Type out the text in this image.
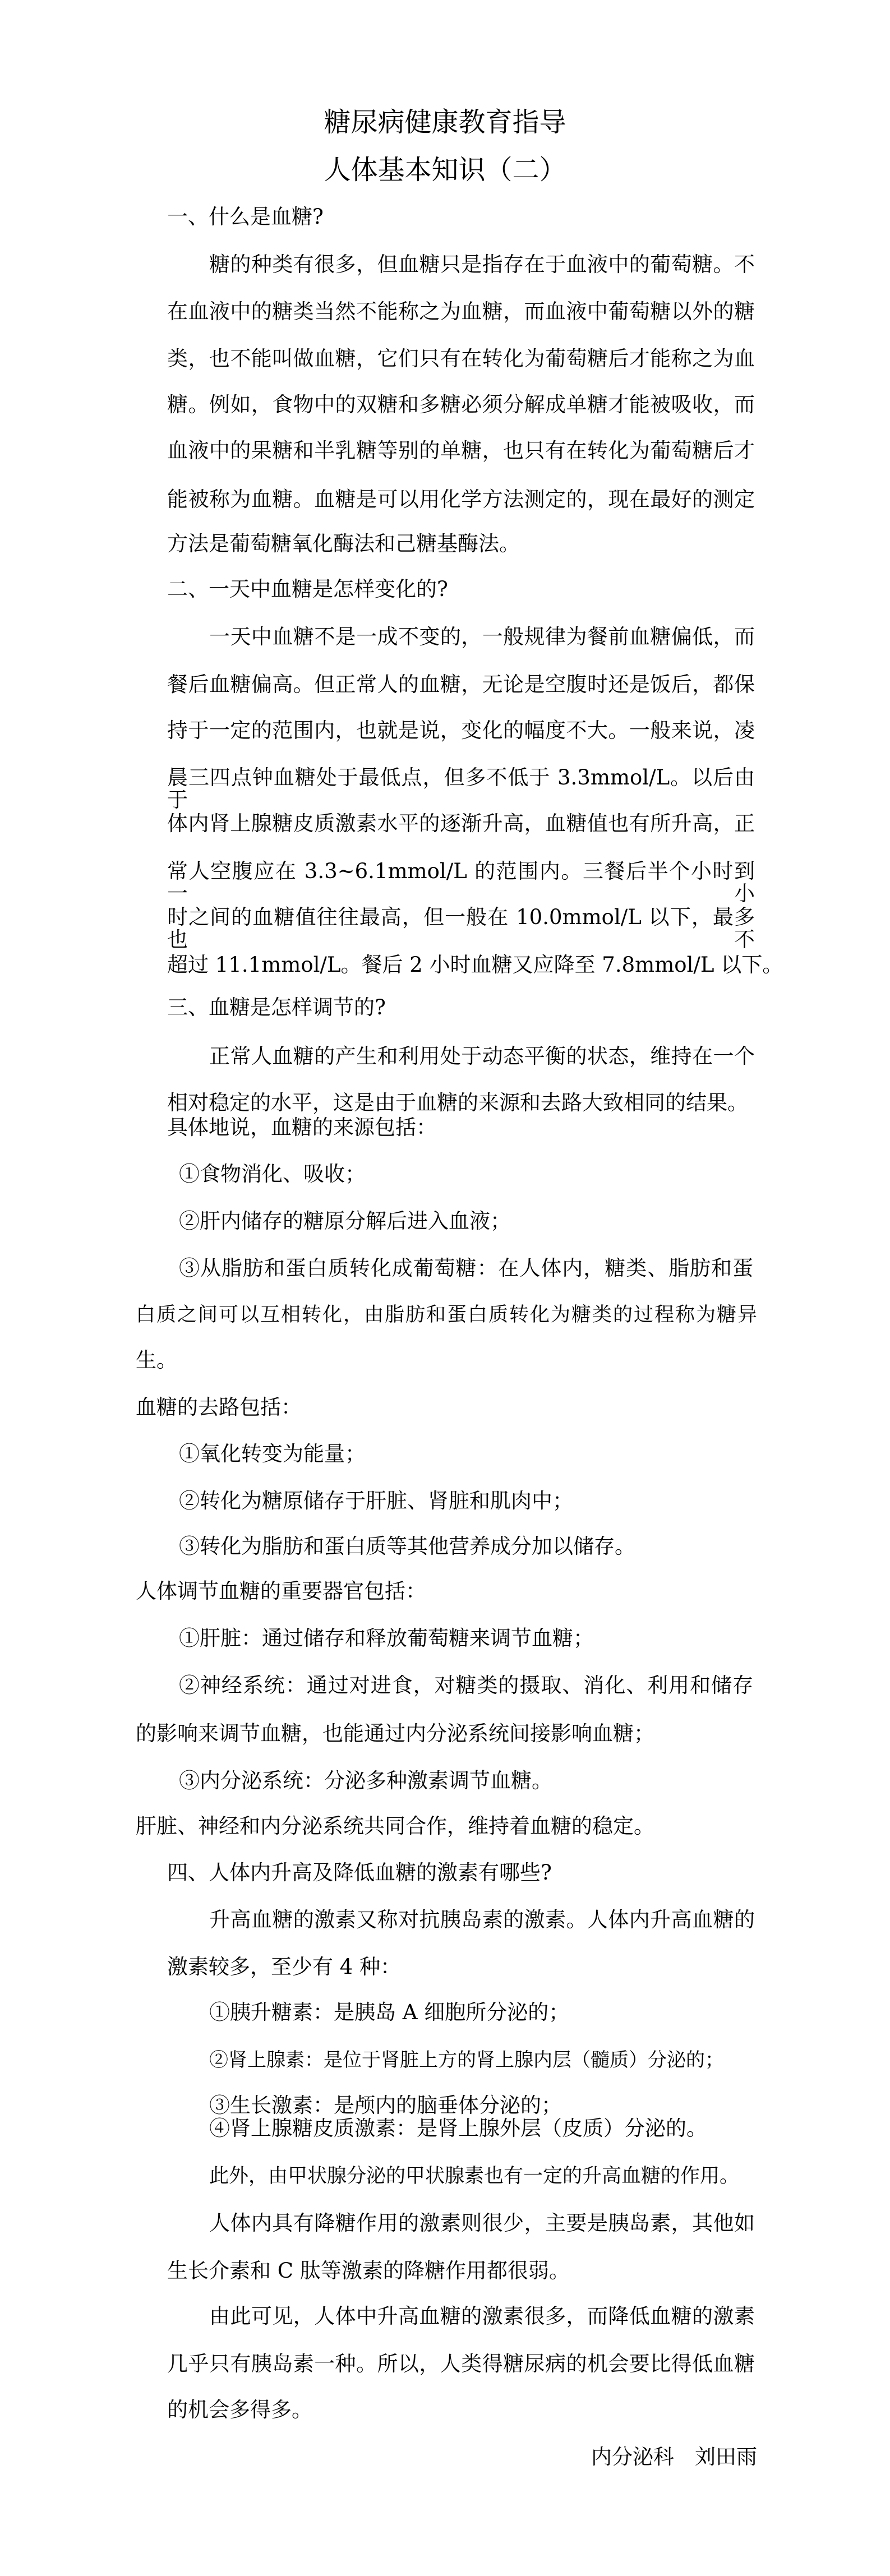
糖尿病健康教育指导
人体基本知识（二）
一、什么是血糖?
糖的种类有很多，但血糖只是指存在于血液中的葡萄糖。不
在血液中的糖类当然不能称之为血糖，而血液中葡萄糖以外的糖
类，也不能叫做血糖，它们只有在转化为葡萄糖后才能称之为血
糖。例如，食物中的双糖和多糖必须分解成单糖才能被吸收，而
血液中的果糖和半乳糖等别的单糖，也只有在转化为葡萄糖后才
能被称为血糖。血糖是可以用化学方法测定的，现在最好的测定
方法是葡萄糖氧化酶法和己糖基酶法。
二、一天中血糖是怎样变化的?
一天中血糖不是一成不变的，一般规律为餐前血糖偏低，而
餐后血糖偏高。但正常人的血糖，无论是空腹时还是饭后，都保
持于一定的范围内，也就是说，变化的幅度不大。一般来说，凌
晨三四点钟血糖处于最低点，但多不低于 3.3mmol/L。以后由于
体内肾上腺糖皮质激素水平的逐渐升高，血糖值也有所升高，正
常人空腹应在 3.3~6.1mmol/L 的范围内。三餐后半个小时到一小
时之间的血糖值往往最高，但一般在 10.0mmol/L 以下，最多也不
超过 11.1mmol/L。餐后 2 小时血糖又应降至 7.8mmol/L 以下。
三、血糖是怎样调节的?
正常人血糖的产生和利用处于动态平衡的状态，维持在一个
相对稳定的水平，这是由于血糖的来源和去路大致相同的结果。
具体地说，血糖的来源包括：
①食物消化、吸收；
②肝内储存的糖原分解后进入血液；
③从脂肪和蛋白质转化成葡萄糖：在人体内，糖类、脂肪和蛋
白质之间可以互相转化，由脂肪和蛋白质转化为糖类的过程称为糖异
生。
血糖的去路包括：
①氧化转变为能量；
②转化为糖原储存于肝脏、肾脏和肌肉中；
③转化为脂肪和蛋白质等其他营养成分加以储存。
人体调节血糖的重要器官包括：
①肝脏：通过储存和释放葡萄糖来调节血糖；
②神经系统：通过对进食，对糖类的摄取、消化、利用和储存
的影响来调节血糖，也能通过内分泌系统间接影响血糖；
③内分泌系统：分泌多种激素调节血糖。
肝脏、神经和内分泌系统共同合作，维持着血糖的稳定。
四、人体内升高及降低血糖的激素有哪些?
升高血糖的激素又称对抗胰岛素的激素。人体内升高血糖的
激素较多，至少有 4 种：
①胰升糖素：是胰岛 A 细胞所分泌的；
②肾上腺素：是位于肾脏上方的肾上腺内层（髓质）分泌的；
③生长激素：是颅内的脑垂体分泌的；
④肾上腺糖皮质激素：是肾上腺外层（皮质）分泌的。
此外，由甲状腺分泌的甲状腺素也有一定的升高血糖的作用。
人体内具有降糖作用的激素则很少，主要是胰岛素，其他如
生长介素和 C 肽等激素的降糖作用都很弱。
由此可见，人体中升高血糖的激素很多，而降低血糖的激素
几乎只有胰岛素一种。所以，人类得糖尿病的机会要比得低血糖
的机会多得多。
内分泌科　刘田雨
